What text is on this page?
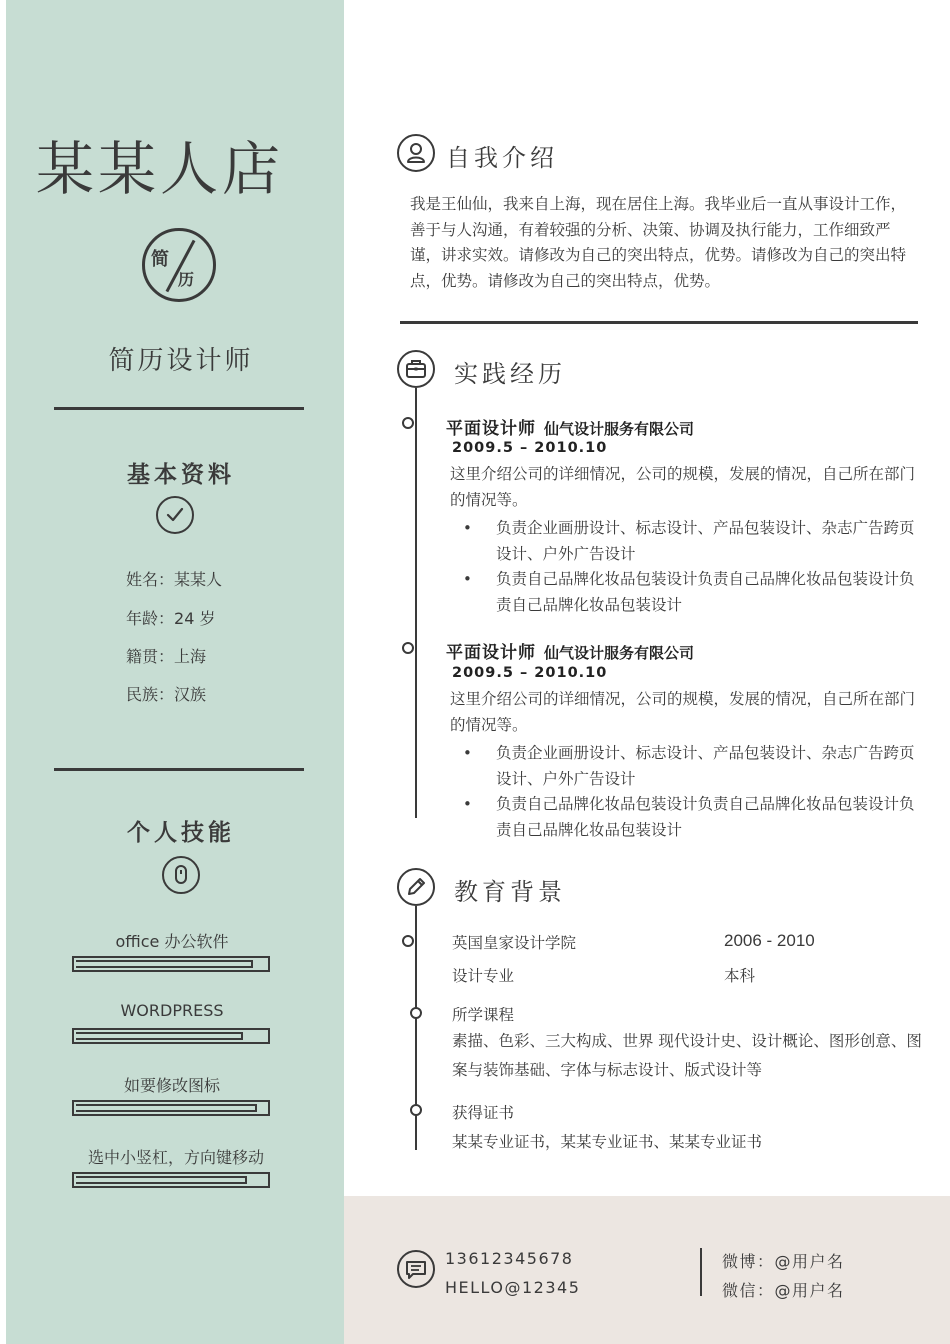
某某人店
简
历
简历设计师
基本资料
姓名：某某人
年龄：24 岁
籍贯：上海
民族：汉族
个人技能
office 办公软件
WORDPRESS
如要修改图标
选中小竖杠，方向键移动
自我介绍
我是王仙仙，我来自上海，现在居住上海。我毕业后一直从事设计工作，善于与人沟通，有着较强的分析、决策、协调及执行能力，工作细致严谨，讲求实效。请修改为自己的突出特点，优势。请修改为自己的突出特点，优势。请修改为自己的突出特点，优势。
实践经历
平面设计师 仙气设计服务有限公司
2009.5 – 2010.10
这里介绍公司的详细情况，公司的规模，发展的情况，自己所在部门的情况等。
• 负责企业画册设计、标志设计、产品包装设计、杂志广告跨页设计、户外广告设计
• 负责自己品牌化妆品包装设计负责自己品牌化妆品包装设计负责自己品牌化妆品包装设计
平面设计师 仙气设计服务有限公司
2009.5 – 2010.10
这里介绍公司的详细情况，公司的规模，发展的情况，自己所在部门的情况等。
• 负责企业画册设计、标志设计、产品包装设计、杂志广告跨页设计、户外广告设计
• 负责自己品牌化妆品包装设计负责自己品牌化妆品包装设计负责自己品牌化妆品包装设计
教育背景
英国皇家设计学院	2006 - 2010
设计专业	本科
所学课程
素描、色彩、三大构成、世界 现代设计史、设计概论、图形创意、图案与装饰基础、字体与标志设计、版式设计等
获得证书
某某专业证书，某某专业证书、某某专业证书
13612345678
HELLO@12345
微博：@用户名
微信：@用户名
